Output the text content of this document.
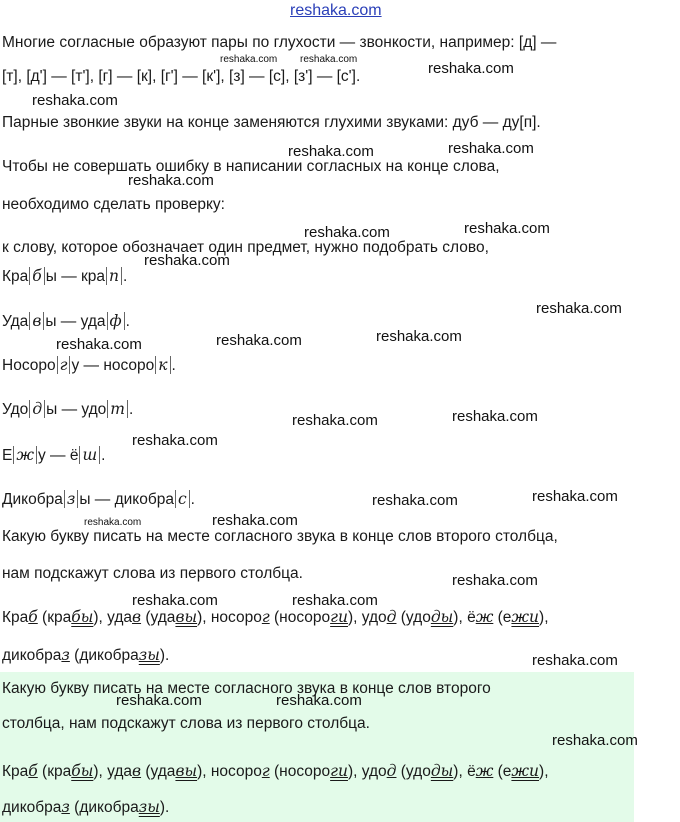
reshaka.com
Многие согласные образуют пары по глухости — звонкости, например: [д] —
[т], [д'] — [т'], [г] — [к], [г'] — [к'], [з] — [с], [з'] — [с'].
Парные звонкие звуки на конце заменяются глухими звуками: дуб — ду[п].
Чтобы не совершать ошибку в написании согласных на конце слова,
необходимо сделать проверку:
к слову, которое обозначает один предмет, нужно подобрать слово,
Кра б ы — кра п .
Уда в ы — уда ф .
Носоро г у — носоро к .
Удо д ы — удо т .
Е ж у — ё ш .
Дикобра з ы — дикобра с .
Какую букву писать на месте согласного звука в конце слов второго столбца,
нам подскажут слова из первого столбца.
Краб (крабы), удав (удавы), носорог (носороги), удод (удоды), ёж (ежи),
дикобраз (дикобразы).
Какую букву писать на месте согласного звука в конце слов второго
столбца, нам подскажут слова из первого столбца.
Краб (крабы), удав (удавы), носорог (носороги), удод (удоды), ёж (ежи),
дикобраз (дикобразы).
reshaka.com reshaka.com
reshaka.com
reshaka.com
reshaka.com	reshaka.com
reshaka.com
reshaka.com	reshaka.com
reshaka.com
reshaka.com
reshaka.com	reshaka.com
reshaka.com
reshaka.com	reshaka.com
reshaka.com
reshaka.com	reshaka.com
reshaka.com
reshaka.com
reshaka.com
reshaka.com	reshaka.com
reshaka.com
reshaka.com	reshaka.com
reshaka.com
